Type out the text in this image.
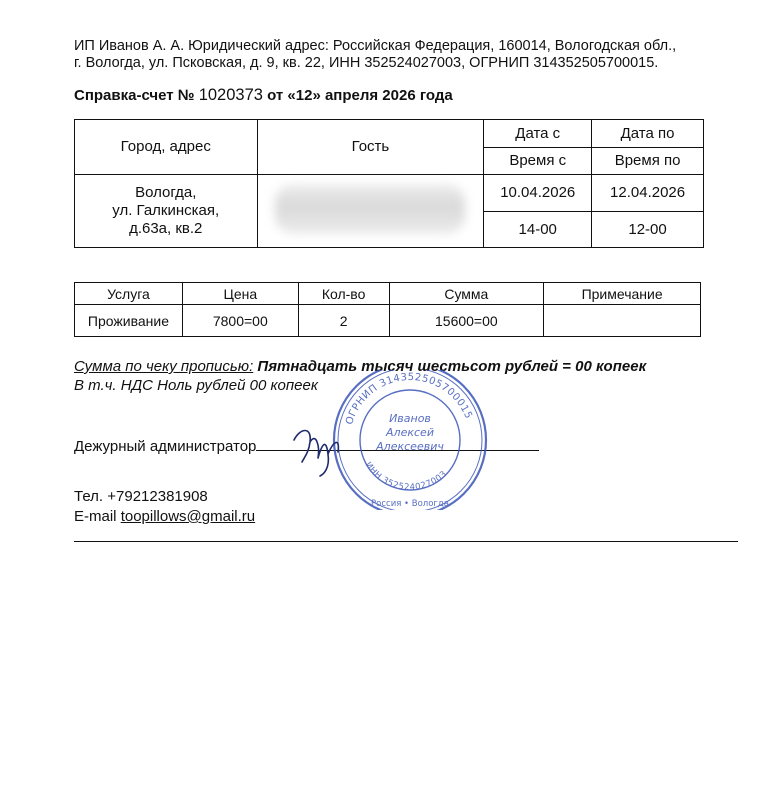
ИП Иванов А. А. Юридический адрес: Российская Федерация, 160014, Вологодская обл.,
г. Вологда, ул. Псковская, д. 9, кв. 22, ИНН 352524027003, ОГРНИП 314352505700015.
Справка-счет № 1020373 от «12» апреля 2026 года
Город, адрес	Гость	Дата с	Дата по
		Время с	Время по

Вологда,
ул. Галкинская,
д.63а, кв.2		10.04.2026	12.04.2026
		14-00	12-00
Услуга	Цена	Кол-во	Сумма	Примечание
Проживание	7800=00	2	15600=00	
Сумма по чеку прописью: Пятнадцать тысяч шестьсот рублей = 00 копеек
В т.ч. НДС Ноль рублей 00 копеек
Дежурный администратор
Тел. +79212381908
E-mail toopillows@gmail.ru
ОГРНИП 314352505700015
ИНН 352524027003
Россия • Вологда
Иванов
Алексей
Алексеевич
